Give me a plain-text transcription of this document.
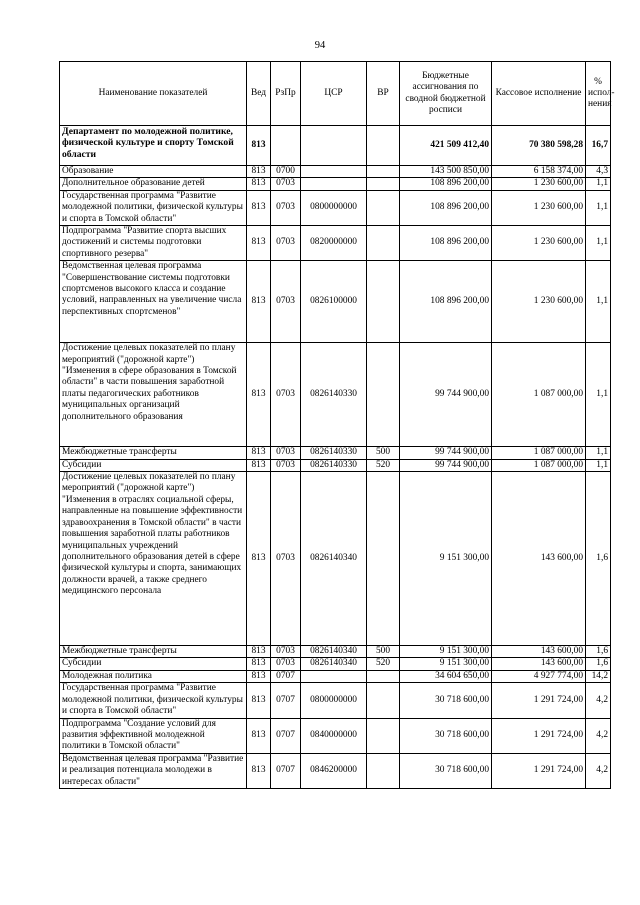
94
Наименование показателей	Вед	РзПр	ЦСР	ВР	Бюджетные ассигнования по сводной бюджетной росписи	Кассовое исполнение	% испол-нения
Департамент по молодежной политике, физической культуре и спорту Томской области	813				421 509 412,40	70 380 598,28	16,7
Образование	813	0700			143 500 850,00	6 158 374,00	4,3
Дополнительное образование детей	813	0703			108 896 200,00	1 230 600,00	1,1
Государственная программа "Развитие молодежной политики, физической культуры и спорта в Томской области"	813	0703	0800000000		108 896 200,00	1 230 600,00	1,1
Подпрограмма "Развитие спорта высших достижений и системы подготовки спортивного резерва"	813	0703	0820000000		108 896 200,00	1 230 600,00	1,1
Ведомственная целевая программа "Совершенствование системы подготовки спортсменов высокого класса и создание условий, направленных на увеличение числа перспективных спортсменов"	813	0703	0826100000		108 896 200,00	1 230 600,00	1,1
Достижение целевых показателей по плану мероприятий ("дорожной карте") "Изменения в сфере образования в Томской области" в части повышения заработной платы педагогических работников муниципальных организаций дополнительного образования	813	0703	0826140330		99 744 900,00	1 087 000,00	1,1
Межбюджетные трансферты	813	0703	0826140330	500	99 744 900,00	1 087 000,00	1,1
Субсидии	813	0703	0826140330	520	99 744 900,00	1 087 000,00	1,1
Достижение целевых показателей по плану мероприятий ("дорожной карте") "Изменения в отраслях социальной сферы, направленные на повышение эффективности здравоохранения в Томской области" в части повышения заработной платы работников муниципальных учреждений дополнительного образования детей в сфере физической культуры и спорта, занимающих должности врачей, а также среднего медицинского персонала	813	0703	0826140340		9 151 300,00	143 600,00	1,6
Межбюджетные трансферты	813	0703	0826140340	500	9 151 300,00	143 600,00	1,6
Субсидии	813	0703	0826140340	520	9 151 300,00	143 600,00	1,6
Молодежная политика	813	0707			34 604 650,00	4 927 774,00	14,2
Государственная программа "Развитие молодежной политики, физической культуры и спорта в Томской области"	813	0707	0800000000		30 718 600,00	1 291 724,00	4,2
Подпрограмма "Создание условий для развития эффективной молодежной политики в Томской области"	813	0707	0840000000		30 718 600,00	1 291 724,00	4,2
Ведомственная целевая программа "Развитие и реализация потенциала молодежи в интересах области"	813	0707	0846200000		30 718 600,00	1 291 724,00	4,2
